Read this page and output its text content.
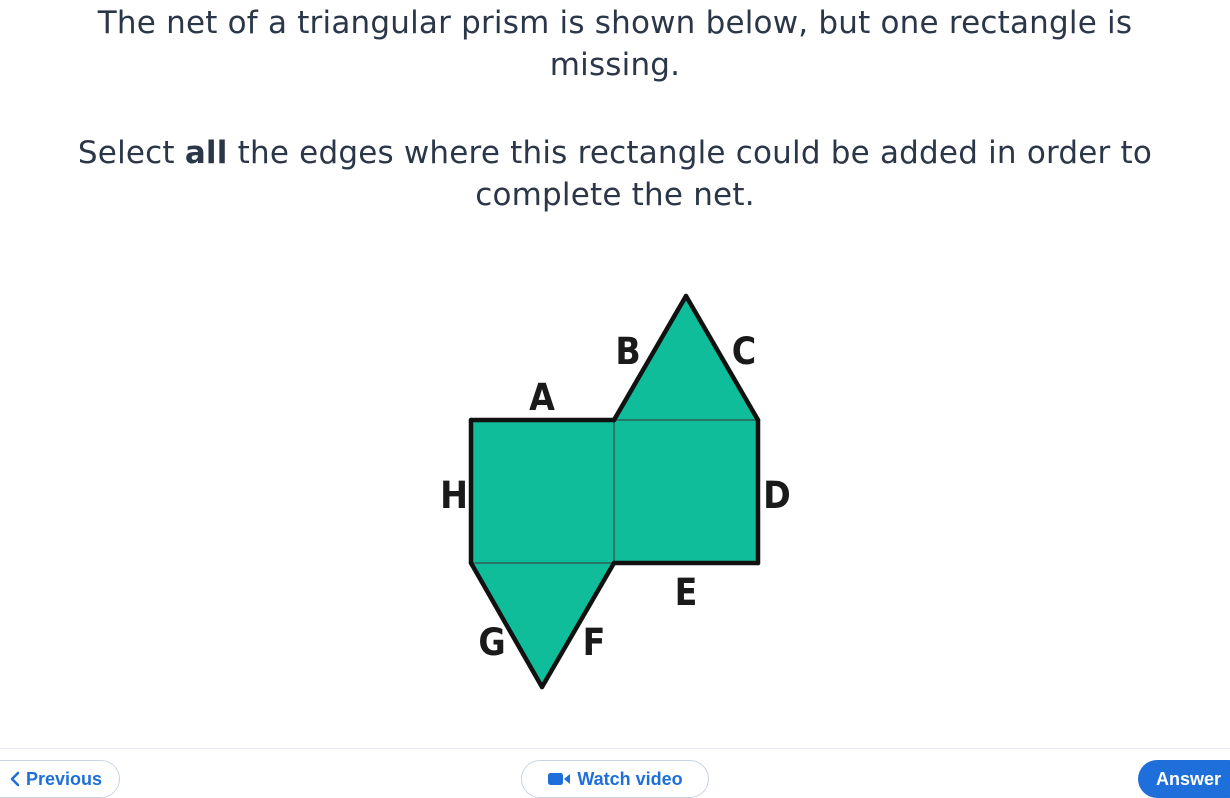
The net of a triangular prism is shown below, but one rectangle is
missing.

Select all the edges where this rectangle could be added in order to
complete the net.

A
B C
D
E
F
G
H
Previous	Watch video	Answer
